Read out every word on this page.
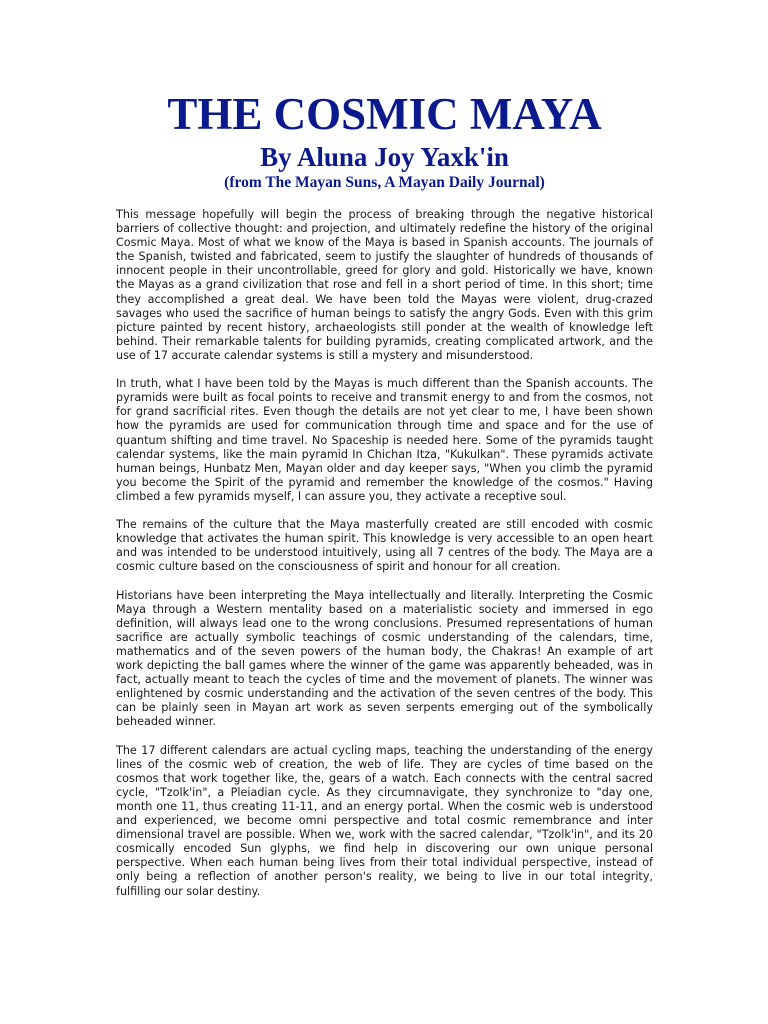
THE COSMIC MAYA
By Aluna Joy Yaxk'in
(from The Mayan Suns, A Mayan Daily Journal)

This message hopefully will begin the process of breaking through the negative historical barriers of collective thought: and projection, and ultimately redefine the history of the original Cosmic Maya. Most of what we know of the Maya is based in Spanish accounts. The journals of the Spanish, twisted and fabricated, seem to justify the slaughter of hundreds of thousands of innocent people in their uncontrollable, greed for glory and gold. Historically we have, known the Mayas as a grand civilization that rose and fell in a short period of time. In this short; time they accomplished a great deal. We have been told the Mayas were violent, drug-crazed savages who used the sacrifice of human beings to satisfy the angry Gods. Even with this grim picture painted by recent history, archaeologists still ponder at the wealth of knowledge left behind. Their remarkable talents for building pyramids, creating complicated artwork, and the use of 17 accurate calendar systems is still a mystery and misunderstood.

In truth, what I have been told by the Mayas is much different than the Spanish accounts. The pyramids were built as focal points to receive and transmit energy to and from the cosmos, not for grand sacrificial rites. Even though the details are not yet clear to me, I have been shown how the pyramids are used for communication through time and space and for the use of quantum shifting and time travel. No Spaceship is needed here. Some of the pyramids taught calendar systems, like the main pyramid In Chichan Itza, "Kukulkan". These pyramids activate human beings, Hunbatz Men, Mayan older and day keeper says, "When you climb the pyramid you become the Spirit of the pyramid and remember the knowledge of the cosmos." Having climbed a few pyramids myself, I can assure you, they activate a receptive soul.

The remains of the culture that the Maya masterfully created are still encoded with cosmic knowledge that activates the human spirit. This knowledge is very accessible to an open heart and was intended to be understood intuitively, using all 7 centres of the body. The Maya are a cosmic culture based on the consciousness of spirit and honour for all creation.

Historians have been interpreting the Maya intellectually and literally. Interpreting the Cosmic Maya through a Western mentality based on a materialistic society and immersed in ego definition, will always lead one to the wrong conclusions. Presumed representations of human sacrifice are actually symbolic teachings of cosmic understanding of the calendars, time, mathematics and of the seven powers of the human body, the Chakras! An example of art work depicting the ball games where the winner of the game was apparently beheaded, was in fact, actually meant to teach the cycles of time and the movement of planets. The winner was enlightened by cosmic understanding and the activation of the seven centres of the body. This can be plainly seen in Mayan art work as seven serpents emerging out of the symbolically beheaded winner.

The 17 different calendars are actual cycling maps, teaching the understanding of the energy lines of the cosmic web of creation, the web of life. They are cycles of time based on the cosmos that work together like, the, gears of a watch. Each connects with the central sacred cycle, "Tzolk'in", a Pleiadian cycle. As they circumnavigate, they synchronize to "day one, month one 11, thus creating 11-11, and an energy portal. When the cosmic web is understood and experienced, we become omni perspective and total cosmic remembrance and inter dimensional travel are possible. When we, work with the sacred calendar, "Tzolk'in", and its 20 cosmically encoded Sun glyphs, we find help in discovering our own unique personal perspective. When each human being lives from their total individual perspective, instead of only being a reflection of another person's reality, we being to live in our total integrity, fulfilling our solar destiny.
